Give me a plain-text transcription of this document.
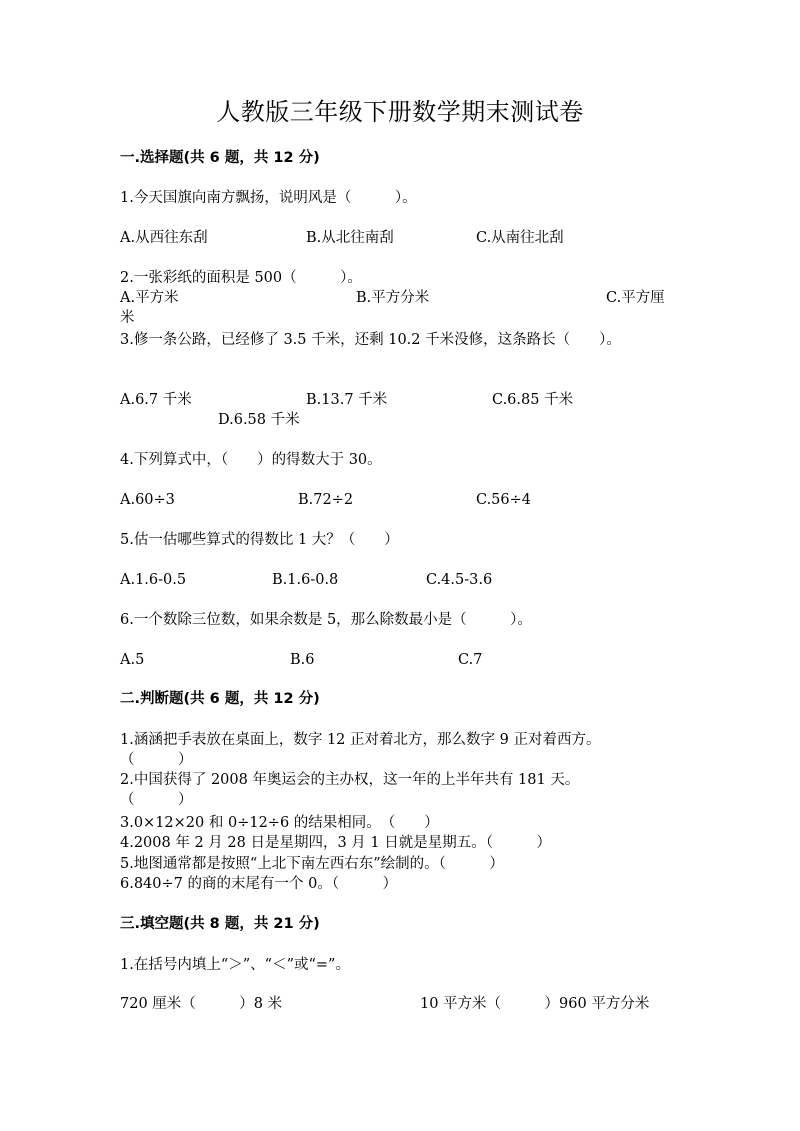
人教版三年级下册数学期末测试卷
一.选择题(共 6 题，共 12 分)
1.今天国旗向南方飘扬，说明风是（　　　）。
A.从西往东刮	B.从北往南刮	C.从南往北刮
2.一张彩纸的面积是 500（　　　）。
A.平方米	B.平方分米	C.平方厘
米
3.修一条公路，已经修了 3.5 千米，还剩 10.2 千米没修，这条路长（　　）。
A.6.7 千米	B.13.7 千米	C.6.85 千米
D.6.58 千米
4.下列算式中，（　　）的得数大于 30。
A.60÷3	B.72÷2	C.56÷4
5.估一估哪些算式的得数比 1 大？（　　）
A.1.6-0.5	B.1.6-0.8	C.4.5-3.6
6.一个数除三位数，如果余数是 5，那么除数最小是（　　　）。
A.5	B.6	C.7
二.判断题(共 6 题，共 12 分)
1.涵涵把手表放在桌面上，数字 12 正对着北方，那么数字 9 正对着西方。
（　　　）
2.中国获得了 2008 年奥运会的主办权，这一年的上半年共有 181 天。
（　　　）
3.0×12×20 和 0÷12÷6 的结果相同。　（　　）
4.2008 年 2 月 28 日是星期四，3 月 1 日就是星期五。（　　　）
5.地图通常都是按照“上北下南左西右东”绘制的。（　　　）
6.840÷7 的商的末尾有一个 0。（　　　）
三.填空题(共 8 题，共 21 分)
1.在括号内填上“＞”、“＜”或“=”。
720 厘米（　　　）8 米	10 平方米（　　　）960 平方分米
